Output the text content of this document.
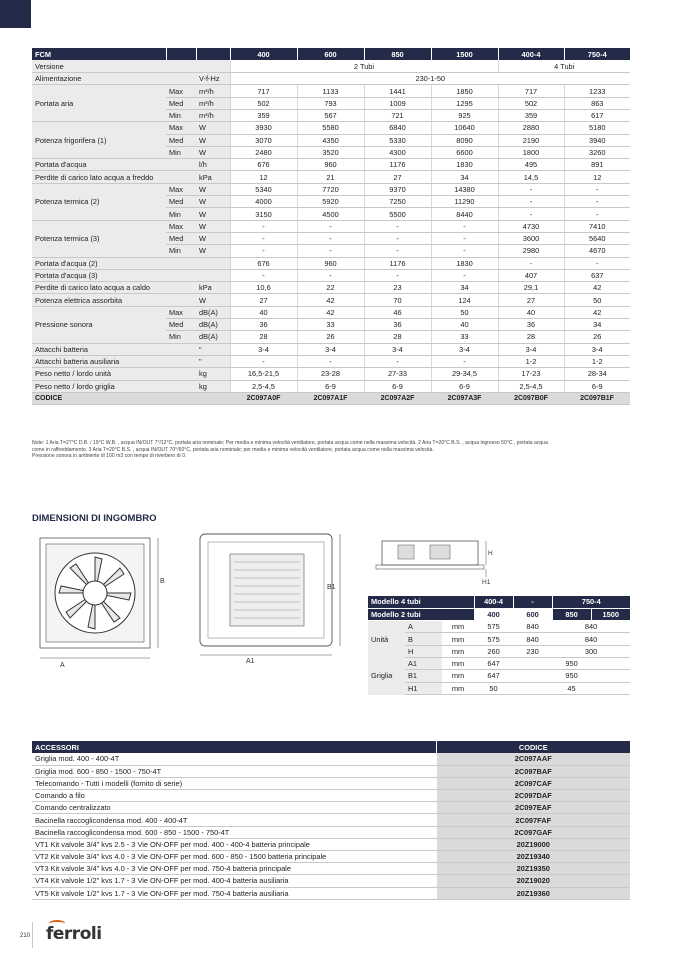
FCM			400	600	850	1500	400-4	750-4
Versione			2 Tubi				4 Tubi	
Alimentazione		V-f-Hz	230-1-50					
Portata aria	Max	m³/h	717	1133	1441	1850	717	1233
	Med	m³/h	502	793	1009	1295	502	863
	Min	m³/h	359	567	721	925	359	617
Potenza frigorifera (1)	Max	W	3930	5580	6840	10640	2880	5180
	Med	W	3070	4350	5330	8090	2190	3940
	Min	W	2480	3520	4300	6600	1800	3260
Portata d'acqua		l/h	676	960	1176	1830	495	891
Perdite di carico lato acqua a freddo		kPa	12	21	27	34	14,5	12
Potenza termica (2)	Max	W	5340	7720	9370	14380	-	-
	Med	W	4000	5920	7250	11290	-	-
	Min	W	3150	4500	5500	8440	-	-
Potenza termica (3)	Max	W	-	-	-	-	4730	7410
	Med	W	-	-	-	-	3600	5640
	Min	W	-	-	-	-	2980	4670
Portata d'acqua (2)			676	960	1176	1830	-	-
Portata d'acqua (3)			-	-	-	-	407	637
Perdite di carico lato acqua a caldo		kPa	10,6	22	23	34	29,1	42
Potenza elettrica assorbita		W	27	42	70	124	27	50
Pressione sonora	Max	dB(A)	40	42	46	50	40	42
	Med	dB(A)	36	33	36	40	36	34
	Min	dB(A)	28	26	28	33	28	26
Attacchi batteria		"	3-4	3-4	3-4	3-4	3-4	3-4
Attacchi batteria ausiliaria		"	-	-	-	-	1-2	1-2
Peso netto / lordo unità		kg	16,5-21,5	23-28	27-33	29-34,5	17-23	28-34
Peso netto / lordo griglia		kg	2,5-4,5	6-9	6-9	6-9	2,5-4,5	6-9
CODICE			2C097A0F	2C097A1F	2C097A2F	2C097A3F	2C097B0F	2C097B1F
Note: 1 Aria T=27°C D.B. / 19°C W.B. , acqua IN/OUT 7°/12°C, portata aria nominale; Per media e minima velocità ventilatore, portata acqua come nella massima velocità. 2 Aria T=20°C B.S. , acqua ingresso 50°C , portata acqua
come in raffreddamento. 3 Aria T=20°C B.S. , acqua IN/OUT 70°/60°C, portata aria nominale; per media e minima velocità ventilatore, portata acqua come nella massima velocità.
Pressione sonora in ambiente di 100 m3 con tempo di riverbero di 0.
DIMENSIONI DI INGOMBRO
A
B
A1
B1
H
H1
Modello 4 tubi			400-4	-	750-4	
Modello 2 tubi			400	600	850	1500
	A	mm	575	840	840	
Unità	B	mm	575	840	840	
	H	mm	260	230	300	
	A1	mm	647	950		
Griglia	B1	mm	647	950		
	H1	mm	50	45		
ACCESSORI	CODICE
Griglia mod. 400 - 400-4T	2C097AAF
Griglia mod. 600 - 850 - 1500 - 750-4T	2C097BAF
Telecomando - Tutti i modelli (fornito di serie)	2C097CAF
Comando a filo	2C097DAF
Comando centralizzato	2C097EAF
Bacinella raccoglicondensa mod. 400 - 400-4T	2C097FAF
Bacinella raccoglicondensa mod. 600 - 850 - 1500 - 750-4T	2C097GAF
VT1 Kit valvole 3/4" kvs 2.5 - 3 Vie ON-OFF per mod. 400 - 400-4 batteria principale	20Z19000
VT2 Kit valvole 3/4" kvs 4.0 - 3 Vie ON-OFF per mod. 600 - 850 - 1500 batteria principale	20Z19340
VT3 Kit valvole 3/4" kvs 4.0 - 3 Vie ON-OFF per mod. 750-4 batteria principale	20Z19350
VT4 Kit valvole 1/2" kvs 1.7 - 3 Vie ON-OFF per mod. 400-4 batteria ausiliaria	20Z19020
VT5 Kit valvole 1/2" kvs 1.7 - 3 Vie ON-OFF per mod. 750-4 batteria ausiliaria	20Z19360
210 ferroli
